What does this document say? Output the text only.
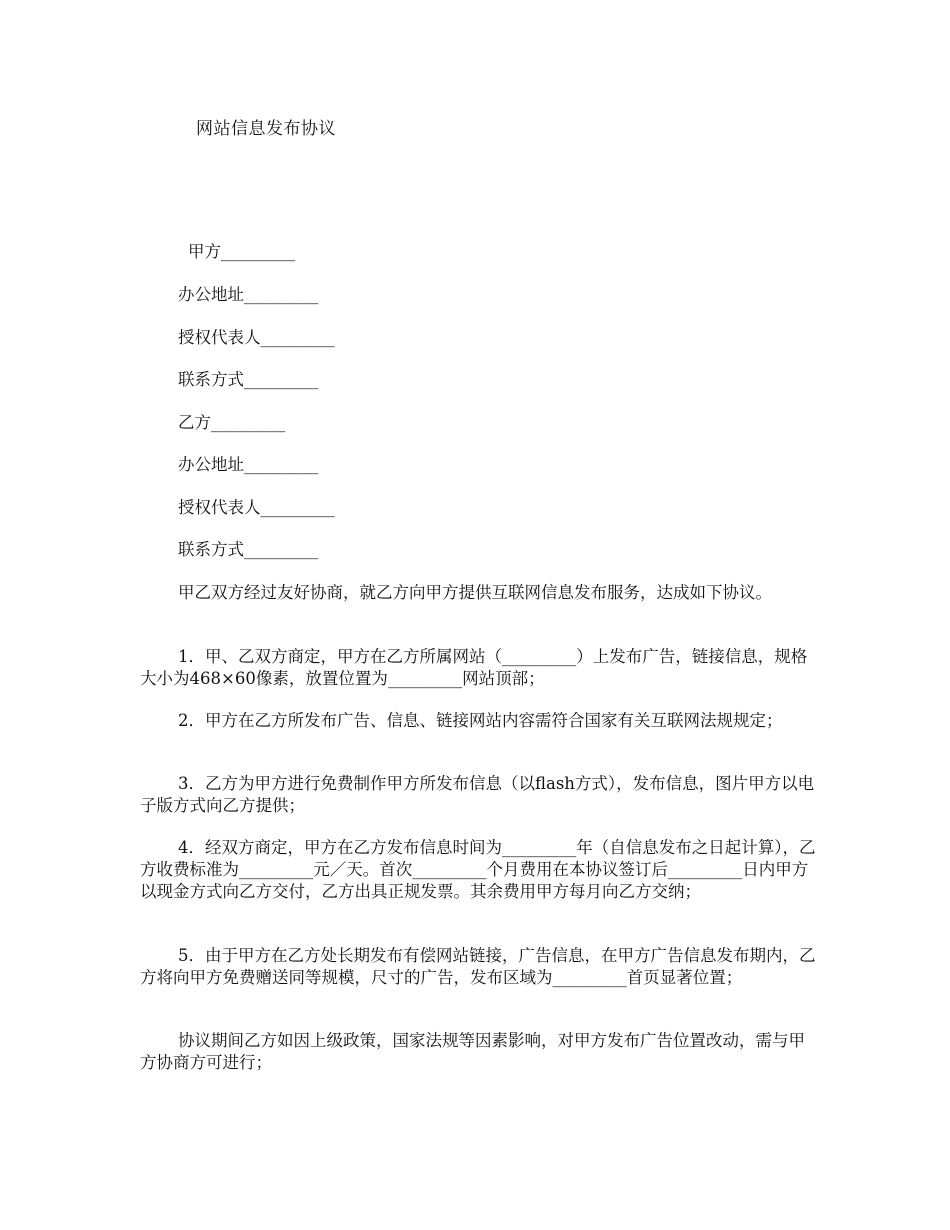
网站信息发布协议
甲方_________
办公地址_________
授权代表人_________
联系方式_________
乙方_________
办公地址_________
授权代表人_________
联系方式_________
甲乙双方经过友好协商，就乙方向甲方提供互联网信息发布服务，达成如下协议。
1．甲、乙双方商定，甲方在乙方所属网站（_________）上发布广告，链接信息，规格大小为468×60像素，放置位置为_________网站顶部；
2．甲方在乙方所发布广告、信息、链接网站内容需符合国家有关互联网法规规定；
3．乙方为甲方进行免费制作甲方所发布信息（以flash方式），发布信息，图片甲方以电子版方式向乙方提供；
4．经双方商定，甲方在乙方发布信息时间为_________年（自信息发布之日起计算），乙方收费标准为_________元／天。首次_________个月费用在本协议签订后_________日内甲方以现金方式向乙方交付，乙方出具正规发票。其余费用甲方每月向乙方交纳；
5．由于甲方在乙方处长期发布有偿网站链接，广告信息，在甲方广告信息发布期内，乙方将向甲方免费赠送同等规模，尺寸的广告，发布区域为_________首页显著位置；
协议期间乙方如因上级政策，国家法规等因素影响，对甲方发布广告位置改动，需与甲方协商方可进行；
